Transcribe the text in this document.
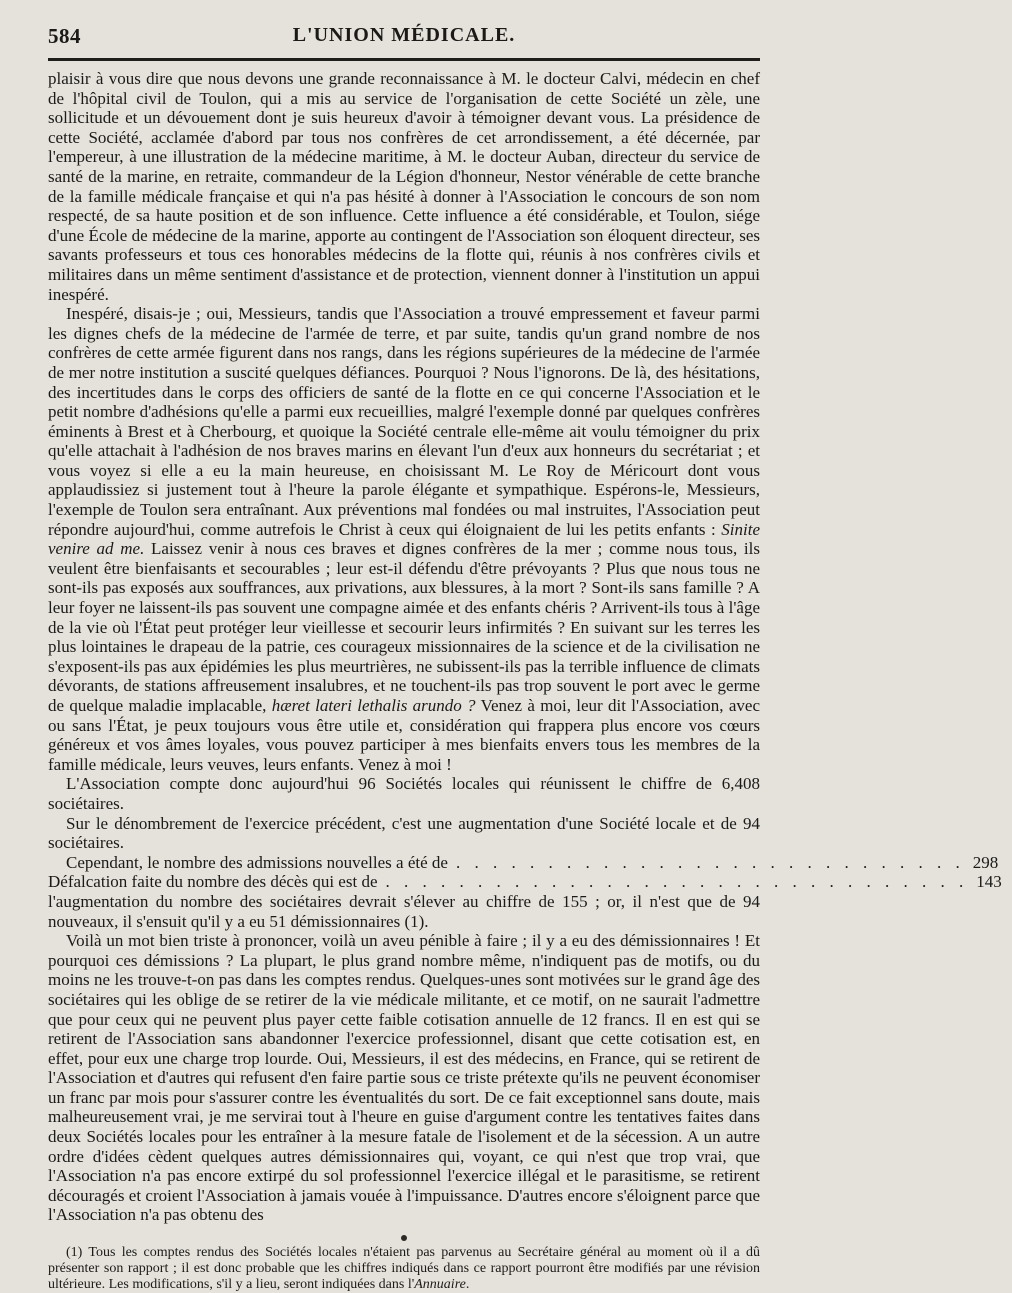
584	L'UNION MÉDICALE.

plaisir à vous dire que nous devons une grande reconnaissance à M. le docteur Calvi, médecin en chef de l'hôpital civil de Toulon, qui a mis au service de l'organisation de cette Société un zèle, une sollicitude et un dévouement dont je suis heureux d'avoir à témoigner devant vous. La présidence de cette Société, acclamée d'abord par tous nos confrères de cet arrondissement, a été décernée, par l'empereur, à une illustration de la médecine maritime, à M. le docteur Auban, directeur du service de santé de la marine, en retraite, commandeur de la Légion d'honneur, Nestor vénérable de cette branche de la famille médicale française et qui n'a pas hésité à donner à l'Association le concours de son nom respecté, de sa haute position et de son influence. Cette influence a été considérable, et Toulon, siége d'une École de médecine de la marine, apporte au contingent de l'Association son éloquent directeur, ses savants professeurs et tous ces honorables médecins de la flotte qui, réunis à nos confrères civils et militaires dans un même sentiment d'assistance et de protection, viennent donner à l'institution un appui inespéré.

Inespéré, disais-je ; oui, Messieurs, tandis que l'Association a trouvé empressement et faveur parmi les dignes chefs de la médecine de l'armée de terre, et par suite, tandis qu'un grand nombre de nos confrères de cette armée figurent dans nos rangs, dans les régions supérieures de la médecine de l'armée de mer notre institution a suscité quelques défiances. Pourquoi ? Nous l'ignorons. De là, des hésitations, des incertitudes dans le corps des officiers de santé de la flotte en ce qui concerne l'Association et le petit nombre d'adhésions qu'elle a parmi eux recueillies, malgré l'exemple donné par quelques confrères éminents à Brest et à Cherbourg, et quoique la Société centrale elle-même ait voulu témoigner du prix qu'elle attachait à l'adhésion de nos braves marins en élevant l'un d'eux aux honneurs du secrétariat ; et vous voyez si elle a eu la main heureuse, en choisissant M. Le Roy de Méricourt dont vous applaudissiez si justement tout à l'heure la parole élégante et sympathique. Espérons-le, Messieurs, l'exemple de Toulon sera entraînant. Aux préventions mal fondées ou mal instruites, l'Association peut répondre aujourd'hui, comme autrefois le Christ à ceux qui éloignaient de lui les petits enfants : Sinite venire ad me. Laissez venir à nous ces braves et dignes confrères de la mer ; comme nous tous, ils veulent être bienfaisants et secourables ; leur est-il défendu d'être prévoyants ? Plus que nous tous ne sont-ils pas exposés aux souffrances, aux privations, aux blessures, à la mort ? Sont-ils sans famille ? A leur foyer ne laissent-ils pas souvent une compagne aimée et des enfants chéris ? Arrivent-ils tous à l'âge de la vie où l'État peut protéger leur vieillesse et secourir leurs infirmités ? En suivant sur les terres les plus lointaines le drapeau de la patrie, ces courageux missionnaires de la science et de la civilisation ne s'exposent-ils pas aux épidémies les plus meurtrières, ne subissent-ils pas la terrible influence de climats dévorants, de stations affreusement insalubres, et ne touchent-ils pas trop souvent le port avec le germe de quelque maladie implacable, hæret lateri lethalis arundo ? Venez à moi, leur dit l'Association, avec ou sans l'État, je peux toujours vous être utile et, considération qui frappera plus encore vos cœurs généreux et vos âmes loyales, vous pouvez participer à mes bienfaits envers tous les membres de la famille médicale, leurs veuves, leurs enfants. Venez à moi !

L'Association compte donc aujourd'hui 96 Sociétés locales qui réunissent le chiffre de 6,408 sociétaires.

Sur le dénombrement de l'exercice précédent, c'est une augmentation d'une Société locale et de 94 sociétaires.

Cependant, le nombre des admissions nouvelles a été de . . . . . . . . . . . . . . . . . . . . . . . . . . . . 298
Défalcation faite du nombre des décès qui est de . . . . . . . . . . . . . . . . . . . . . . . . . . . . . . . . 143

l'augmentation du nombre des sociétaires devrait s'élever au chiffre de 155 ; or, il n'est que de 94 nouveaux, il s'ensuit qu'il y a eu 51 démissionnaires (1).

Voilà un mot bien triste à prononcer, voilà un aveu pénible à faire ; il y a eu des démissionnaires ! Et pourquoi ces démissions ? La plupart, le plus grand nombre même, n'indiquent pas de motifs, ou du moins ne les trouve-t-on pas dans les comptes rendus. Quelques-unes sont motivées sur le grand âge des sociétaires qui les oblige de se retirer de la vie médicale militante, et ce motif, on ne saurait l'admettre que pour ceux qui ne peuvent plus payer cette faible cotisation annuelle de 12 francs. Il en est qui se retirent de l'Association sans abandonner l'exercice professionnel, disant que cette cotisation est, en effet, pour eux une charge trop lourde. Oui, Messieurs, il est des médecins, en France, qui se retirent de l'Association et d'autres qui refusent d'en faire partie sous ce triste prétexte qu'ils ne peuvent économiser un franc par mois pour s'assurer contre les éventualités du sort. De ce fait exceptionnel sans doute, mais malheureusement vrai, je me servirai tout à l'heure en guise d'argument contre les tentatives faites dans deux Sociétés locales pour les entraîner à la mesure fatale de l'isolement et de la sécession. A un autre ordre d'idées cèdent quelques autres démissionnaires qui, voyant, ce qui n'est que trop vrai, que l'Association n'a pas encore extirpé du sol professionnel l'exercice illégal et le parasitisme, se retirent découragés et croient l'Association à jamais vouée à l'impuissance. D'autres encore s'éloignent parce que l'Association n'a pas obtenu des

(1) Tous les comptes rendus des Sociétés locales n'étaient pas parvenus au Secrétaire général au moment où il a dû présenter son rapport ; il est donc probable que les chiffres indiqués dans ce rapport pourront être modifiés par une révision ultérieure. Les modifications, s'il y a lieu, seront indiquées dans l'Annuaire.
